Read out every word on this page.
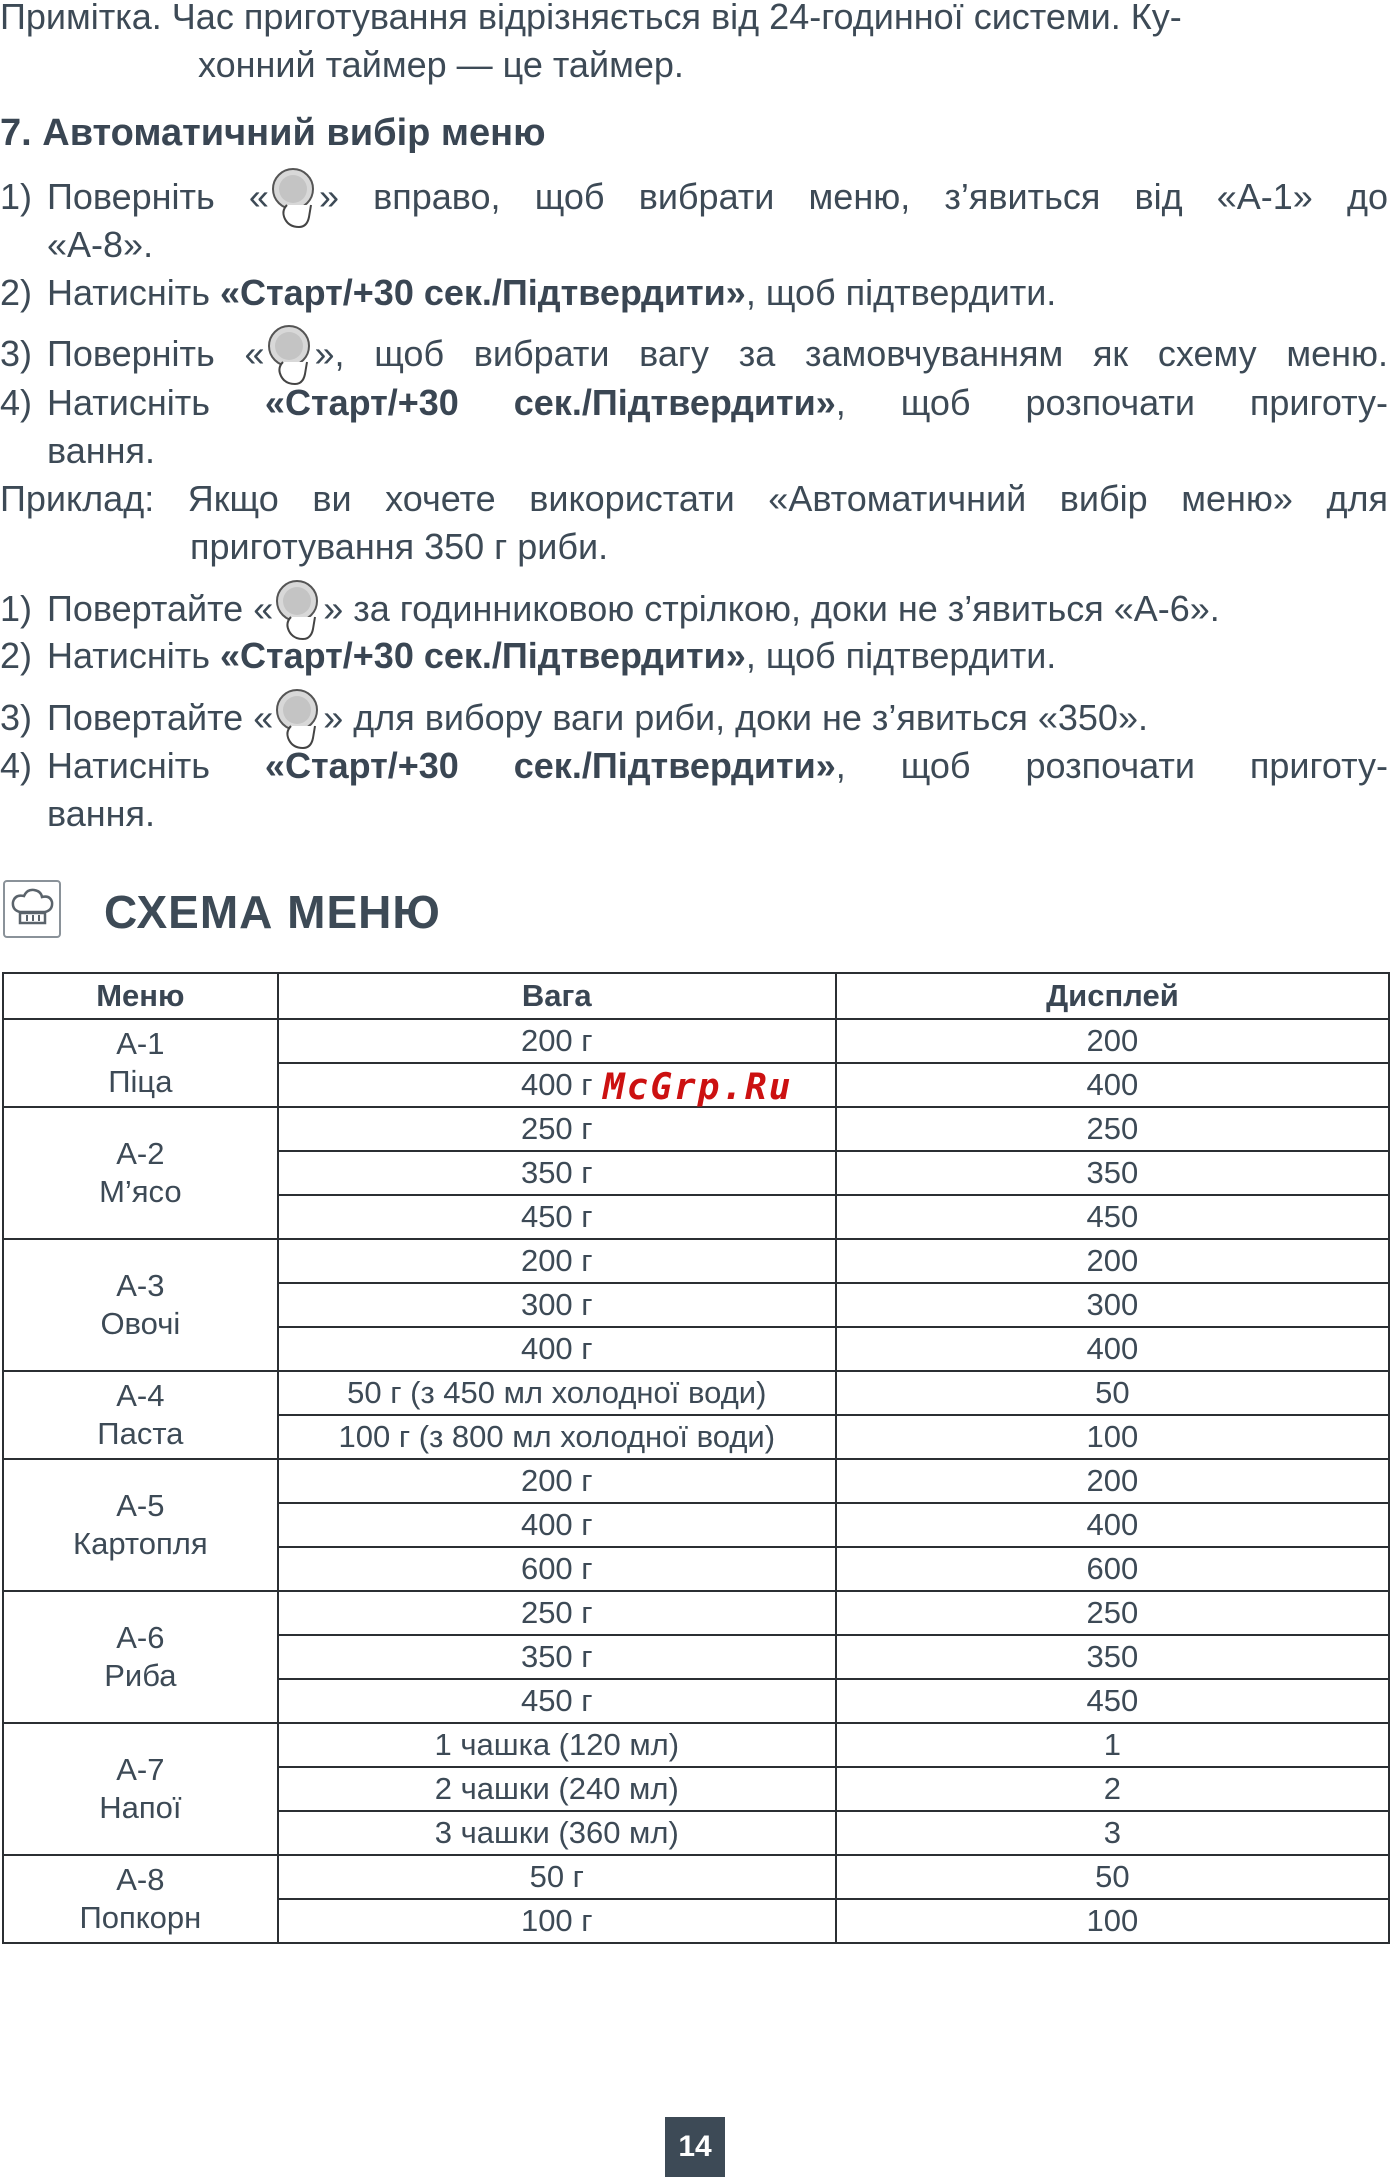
Примітка. Час приготування відрізняється від 24-годинної системи. Ку-
хонний таймер — це таймер.
7. Автоматичний вибір меню
1) Поверніть « » вправо, щоб вибрати меню, з’явиться від «А-1» до
«А-8».
2) Натисніть «Старт/+30 сек./Підтвердити», щоб підтвердити.
3) Поверніть « », щоб вибрати вагу за замовчуванням як схему меню.
4) Натисніть «Старт/+30 сек./Підтвердити», щоб розпочати приготу-
вання.
Приклад: Якщо ви хочете використати «Автоматичний вибір меню» для
приготування 350 г риби.
1) Повертайте « » за годинниковою стрілкою, доки не з’явиться «А-6».
2) Натисніть «Старт/+30 сек./Підтвердити», щоб підтвердити.
3) Повертайте « » для вибору ваги риби, доки не з’явиться «350».
4) Натисніть «Старт/+30 сек./Підтвердити», щоб розпочати приготу-
вання.
СХЕМА МЕНЮ
Меню	Вага	Дисплей

А-1
Піца	200 г	200
	400 г	400

А-2
М’ясо	250 г	250
	350 г	350
	450 г	450

А-3
Овочі	200 г	200
	300 г	300
	400 г	400

А-4
Паста	50 г (з 450 мл холодної води)	50
	100 г (з 800 мл холодної води)	100

А-5
Картопля	200 г	200
	400 г	400
	600 г	600

А-6
Риба	250 г	250
	350 г	350
	450 г	450

А-7
Напої	1 чашка (120 мл)	1
	2 чашки (240 мл)	2
	3 чашки (360 мл)	3

А-8
Попкорн	50 г	50
	100 г	100
McGrp.Ru
14
